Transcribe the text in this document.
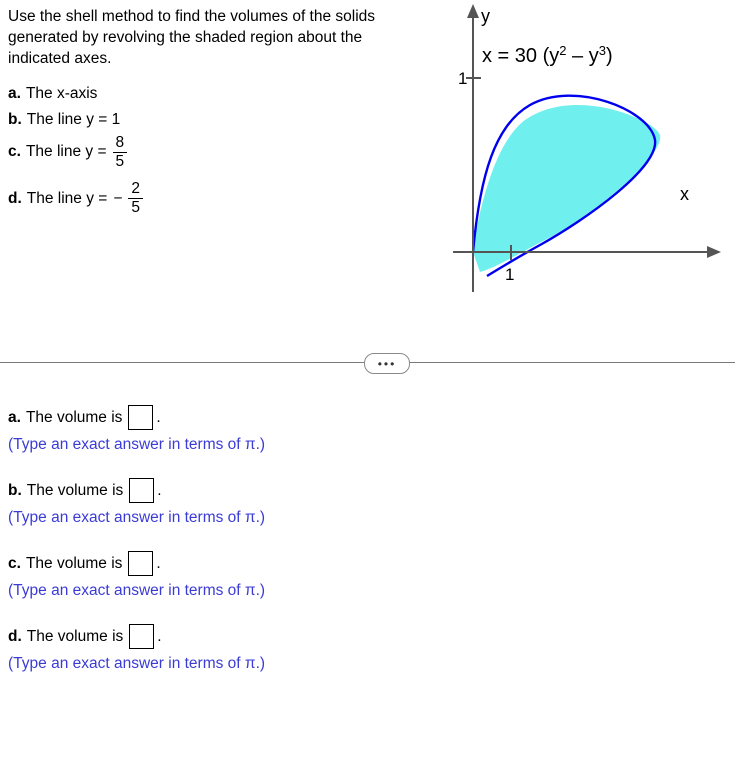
Use the shell method to find the volumes of the solids generated by revolving the shaded region about the indicated axes.
a. The x-axis
b. The line y = 1
c. The line $y = \frac{8}{5}$
d. The line y = − $\frac{2}{5}$
y
x
1
1
x = 30 $(y^2 - y^3)$
•••
a. The volume is .
(Type an exact answer in terms of π.)
b. The volume is .
(Type an exact answer in terms of π.)
c. The volume is .
(Type an exact answer in terms of π.)
d. The volume is .
(Type an exact answer in terms of π.)
